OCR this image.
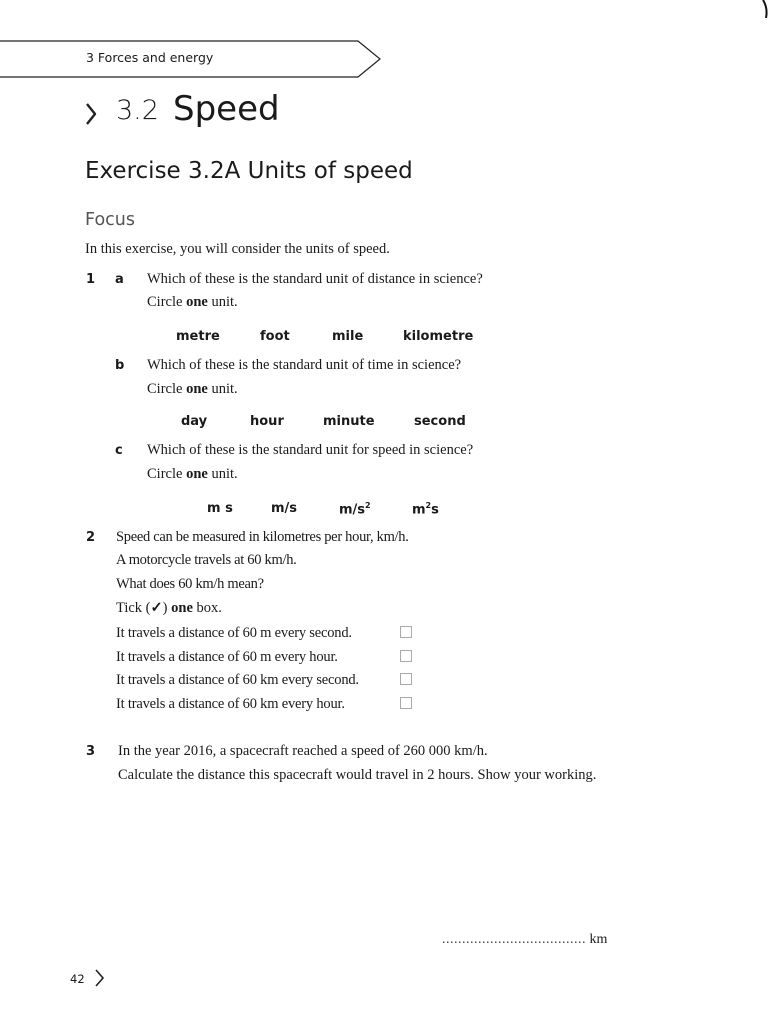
3 Forces and energy
3.2 Speed
Exercise 3.2A Units of speed
Focus
In this exercise, you will consider the units of speed.
1 a Which of these is the standard unit of distance in science?
Circle one unit.
metre	foot	mile	kilometre
b Which of these is the standard unit of time in science?
Circle one unit.
day	hour	minute	second
c Which of these is the standard unit for speed in science?
Circle one unit.
m s	m/s	$m/s^2$	$m^2s$
2 Speed can be measured in kilometres per hour, km/h.
A motorcycle travels at 60 km/h.
What does 60 km/h mean?
Tick (✓) one box.
It travels a distance of 60 m every second.
It travels a distance of 60 m every hour.
It travels a distance of 60 km every second.
It travels a distance of 60 km every hour.
3 In the year 2016, a spacecraft reached a speed of 260 000 km/h.
Calculate the distance this spacecraft would travel in 2 hours. Show your working.
.................................... km
42
